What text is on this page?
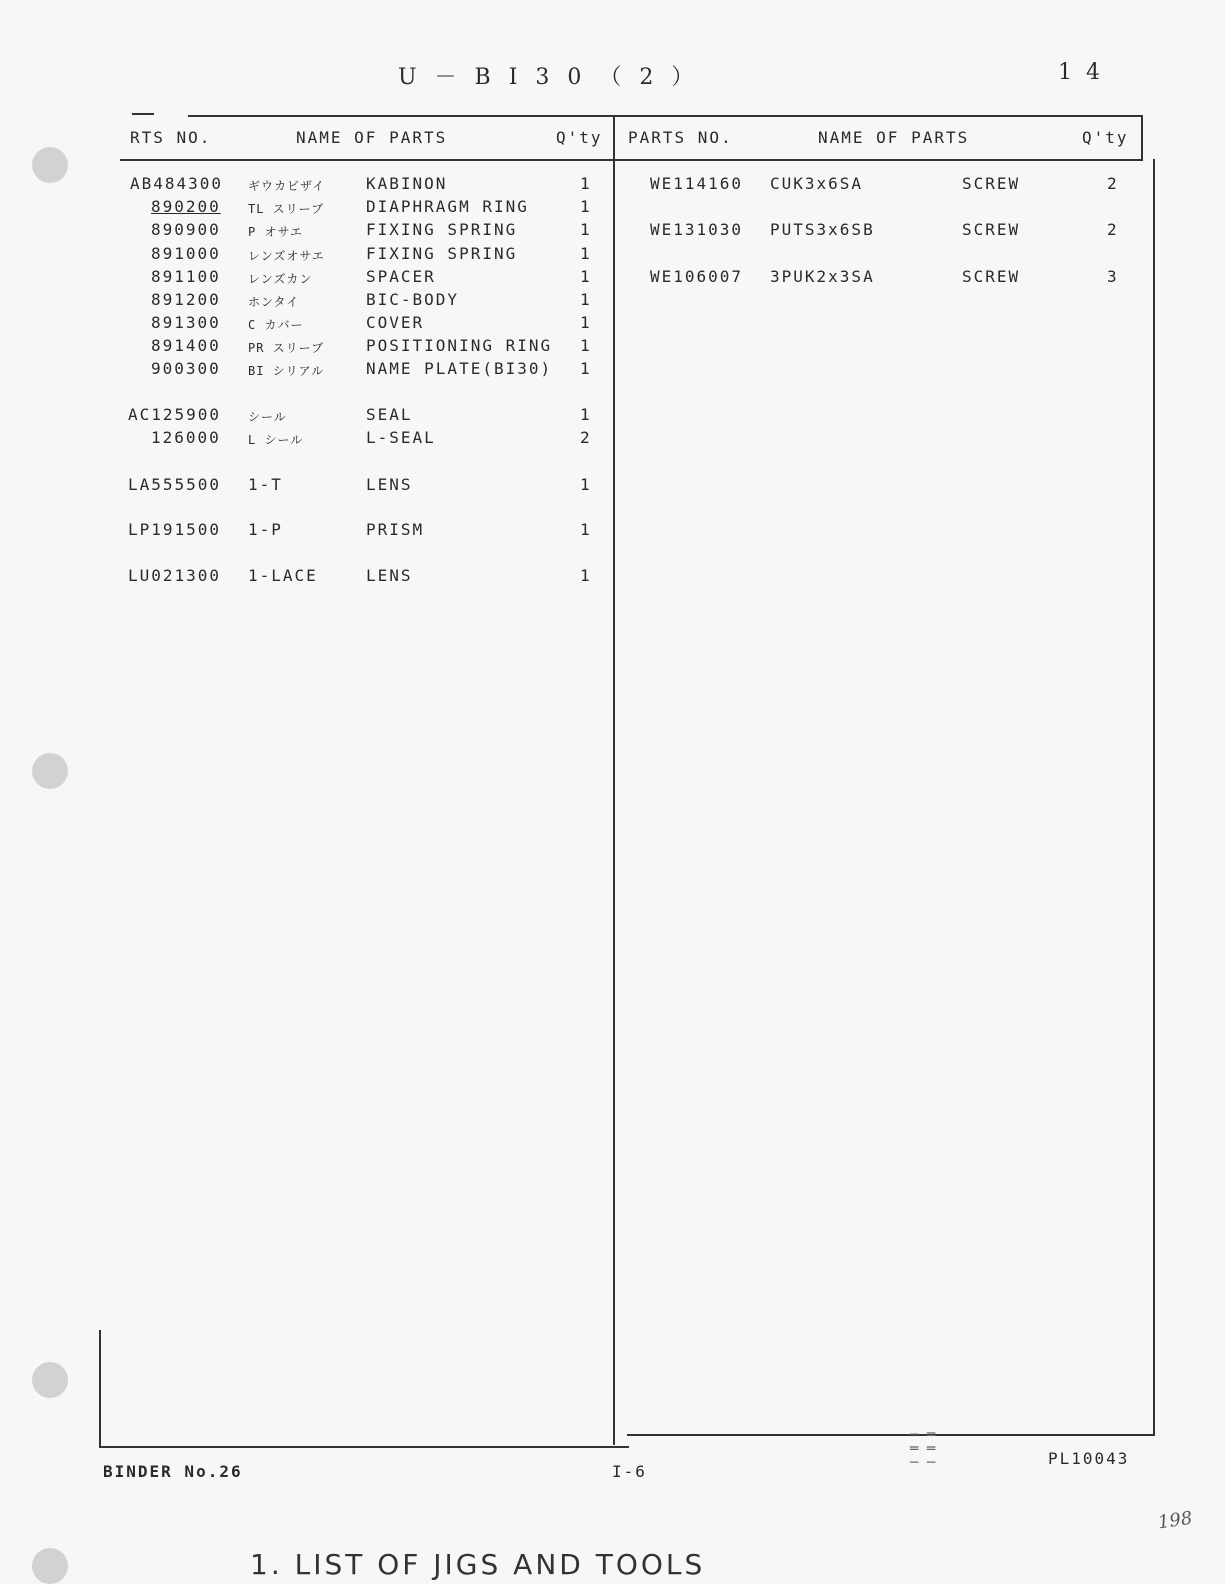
U－BI30（2）	14
RTS NO.	NAME OF PARTS	Q'ty PARTS NO.	NAME OF PARTS	Q'ty
AB484300 ギウカビザイ	KABINON	1
890200 TL スリーブ	DIAPHRAGM RING	1
890900 P オサエ	FIXING SPRING	1
891000 レンズオサエ	FIXING SPRING	1
891100 レンズカン	SPACER	1
891200 ホンタイ	BIC-BODY	1
891300 C カバー	COVER	1
891400 PR スリーブ	POSITIONING RING 1
900300 BI シリアル	NAME PLATE(BI30) 1
AC125900 シール	SEAL	1
126000 L シール	L-SEAL	2
LA555500 1-T	LENS	1
LP191500 1-P	PRISM	1
LU021300 1-LACE	LENS	1
WE114160 CUK3x6SA	SCREW	2
WE131030 PUTS3x6SB	SCREW	2
WE106007 3PUK2x3SA	SCREW	3
BINDER No.26	I-6
PL10043
─ ═
═ ═
─ ─
198
1. LIST OF JIGS AND TOOLS
